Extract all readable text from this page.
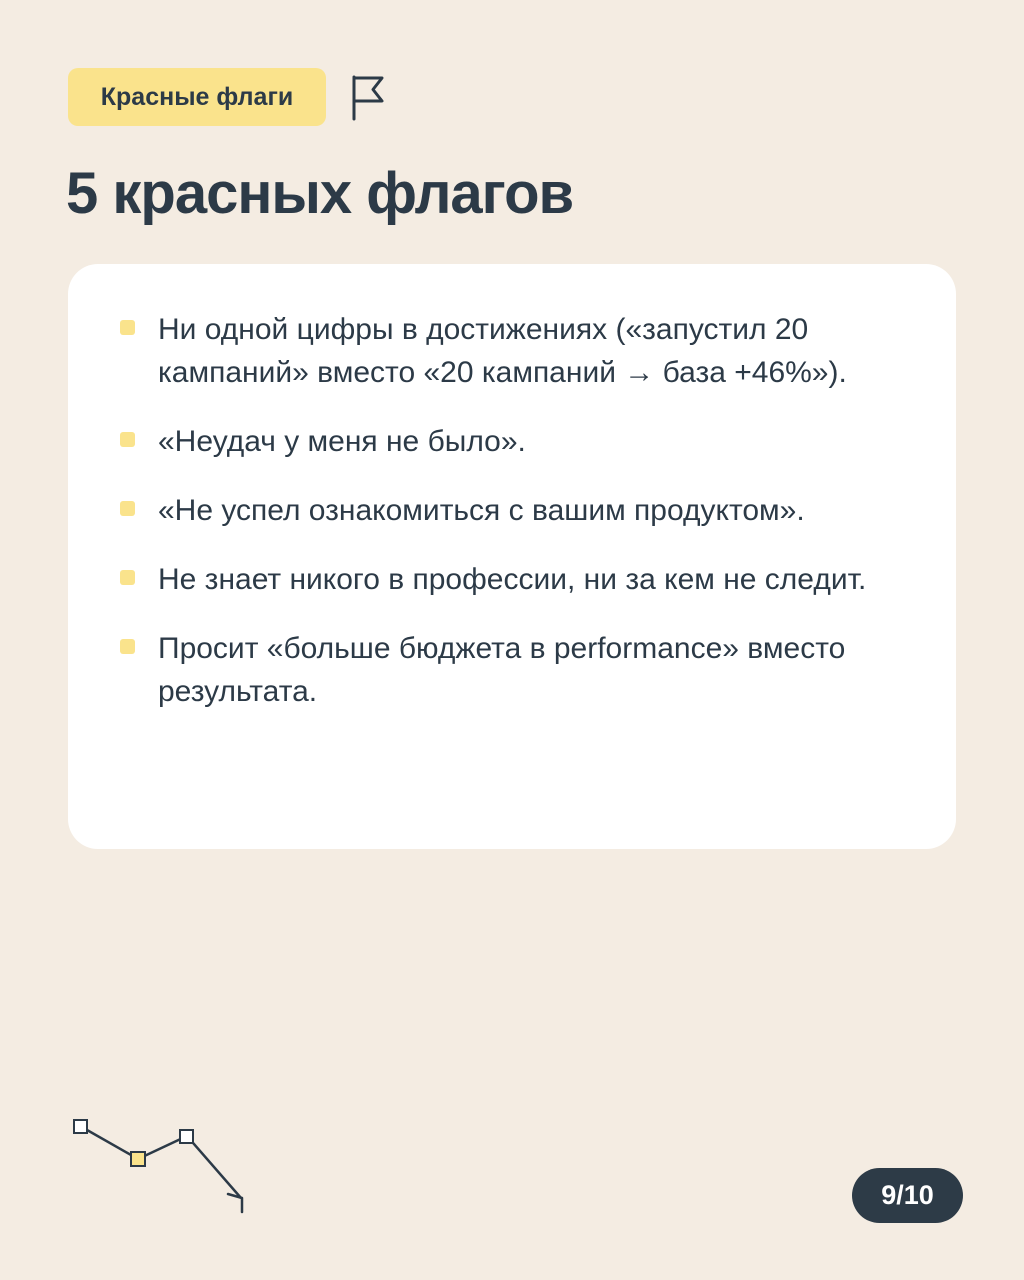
Красные флаги
5 красных флагов
Ни одной цифры в достижениях («запустил 20 кампаний» вместо «20 кампаний → база +46%»).
«Неудач у меня не было».
«Не успел ознакомиться с вашим продуктом».
Не знает никого в профессии, ни за кем не следит.
Просит «больше бюджета в performance» вместо результата.
9/10
